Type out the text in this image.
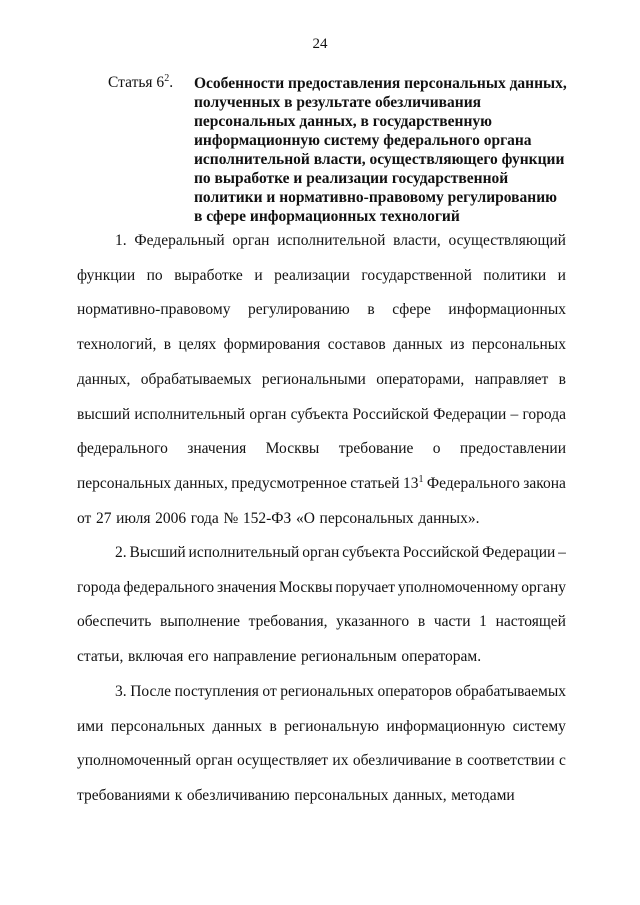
24
Статья $6^2$.	Особенности предоставления персональных данных,
полученных в результате обезличивания
персональных данных, в государственную
информационную систему федерального органа
исполнительной власти, осуществляющего функции
по выработке и реализации государственной
политики и нормативно-правовому регулированию
в сфере информационных технологий
1. Федеральный орган исполнительной власти, осуществляющий
функции по выработке и реализации государственной политики и
нормативно-правовому регулированию в сфере информационных
технологий, в целях формирования составов данных из персональных
данных, обрабатываемых региональными операторами, направляет в
высший исполнительный орган субъекта Российской Федерации – города
федерального значения Москвы требование о предоставлении
персональных данных, предусмотренное статьей $13^1$ Федерального закона
от 27 июля 2006 года № 152-ФЗ «О персональных данных».
2. Высший исполнительный орган субъекта Российской Федерации –
города федерального значения Москвы поручает уполномоченному органу
обеспечить выполнение требования, указанного в части 1 настоящей
статьи, включая его направление региональным операторам.
3. После поступления от региональных операторов обрабатываемых
ими персональных данных в региональную информационную систему
уполномоченный орган осуществляет их обезличивание в соответствии с
требованиями к обезличиванию персональных данных, методами
